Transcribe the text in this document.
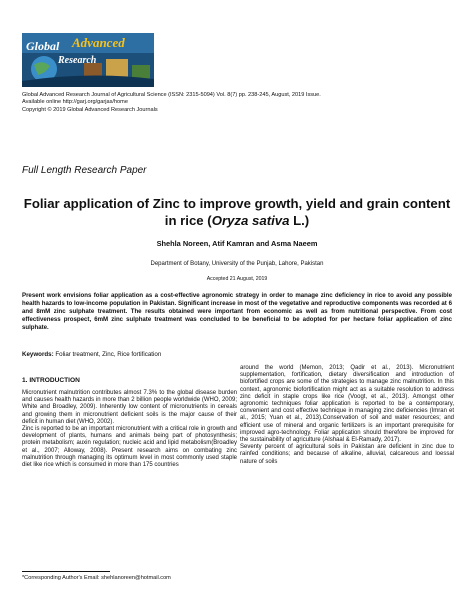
Global Advanced
Research
Global Advanced Research Journal of Agricultural Science (ISSN: 2315-5094) Vol. 8(7) pp. 238-245, August, 2019 Issue.
Available online http://garj.org/garjas/home
Copyright © 2019 Global Advanced Research Journals
Full Length Research Paper
Foliar application of Zinc to improve growth, yield and grain content in rice (Oryza sativa L.)
Shehla Noreen, Atif Kamran and Asma Naeem
Department of Botany, University of the Punjab, Lahore, Pakistan
Accepted 21 August, 2019
Present work envisions foliar application as a cost-effective agronomic strategy in order to manage zinc deficiency in rice to avoid any possible health hazards to low-income population in Pakistan. Significant increase in most of the vegetative and reproductive components was recorded at 6 and 8mM zinc sulphate treatment. The results obtained were important from economic as well as from nutritional perspective. From cost effectiveness prospect, 6mM zinc sulphate treatment was concluded to be beneficial to be adopted for per hectare foliar application of zinc sulphate.
Keywords: Foliar treatment, Zinc, Rice fortification
1. INTRODUCTION

Micronutrient malnutrition contributes almost 7.3% to the global disease burden and causes health hazards in more than 2 billion people worldwide (WHO, 2009; White and Broadley, 2009). Inherently low content of micronutrients in cereals and growing them in micronutrient deficient soils is the major cause of their deficit in human diet (WHO, 2002).

Zinc is reported to be an important micronutrient with a critical role in growth and development of plants, humans and animals being part of photosynthesis; protein metabolism; auxin regulation; nucleic acid and lipid metabolism(Broadley et al., 2007; Alloway, 2008). Present research aims on combating zinc malnutrition through managing its optimum level in most commonly used staple diet like rice which is consumed in more than 175 countries

around the world (Memon, 2013; Qadir et al., 2013). Micronutrient supplementation, fortification, dietary diversification and introduction of biofortified crops are some of the strategies to manage zinc malnutrition. In this context, agronomic biofortification might act as a suitable resolution to address zinc deficit in staple crops like rice (Voogt, et al., 2013). Amongst other agronomic techniques foliar application is reported to be a contemporary, convenient and cost effective technique in managing zinc deficiencies (Imran et al., 2015; Yuan et al., 2013).Conservation of soil and water resources; and efficient use of mineral and organic fertilizers is an important prerequisite for improved agro-technology. Foliar application should therefore be improved for the sustainability of agriculture (Alshaal & El-Ramady, 2017).

Seventy percent of agricultural soils in Pakistan are deficient in zinc due to rainfed conditions; and because of alkaline, alluvial, calcareous and loessal nature of soils

*Corresponding Author's Email: shehlanoreen@hotmail.com
